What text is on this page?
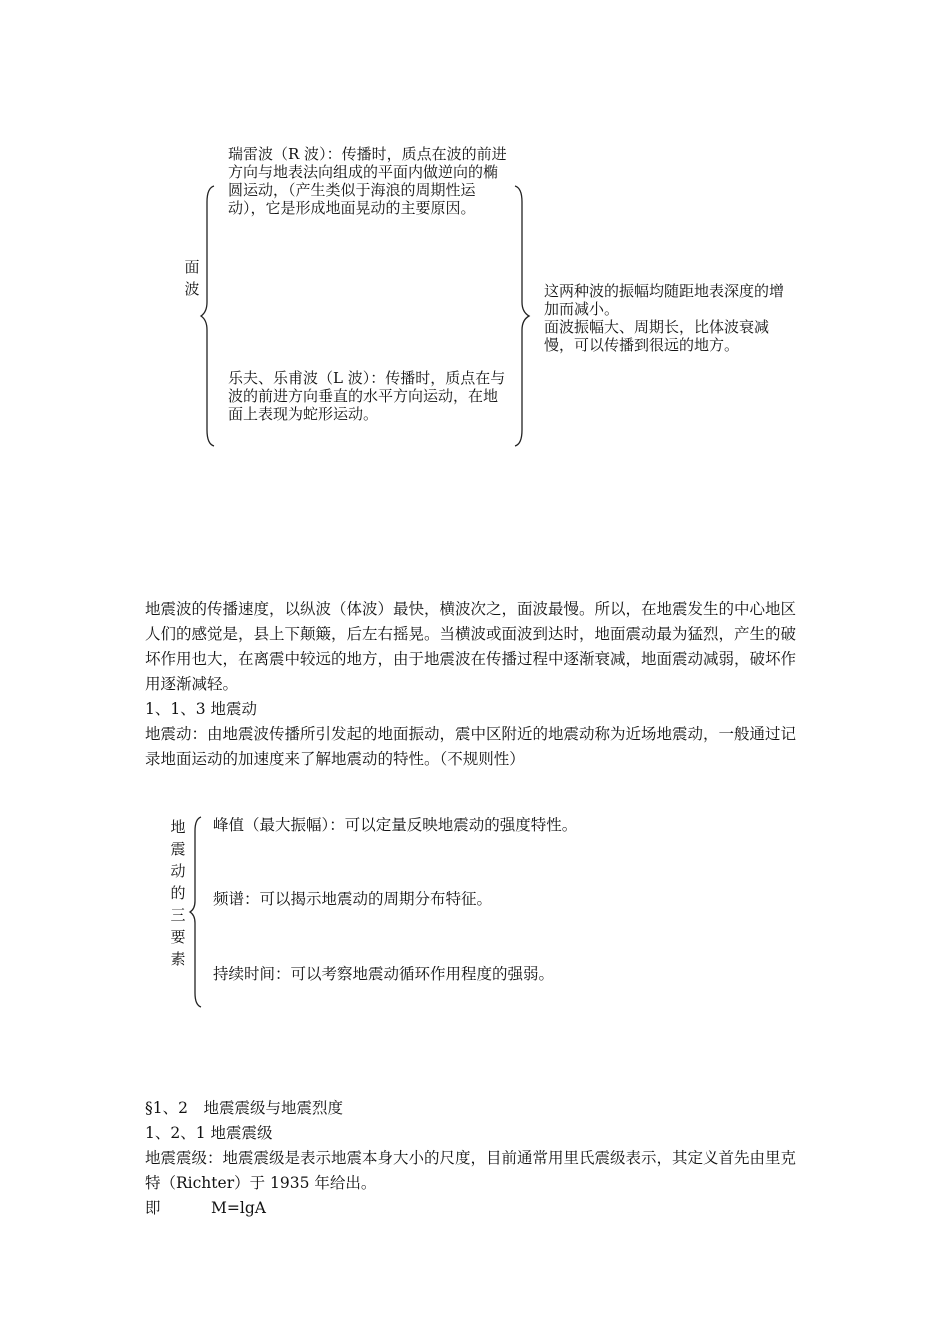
面
波
瑞雷波（R 波）：传播时，质点在波的前进方向与地表法向组成的平面内做逆向的椭圆运动，（产生类似于海浪的周期性运动），它是形成地面晃动的主要原因。
乐夫、乐甫波（L 波）：传播时，质点在与波的前进方向垂直的水平方向运动，在地面上表现为蛇形运动。
这两种波的振幅均随距地表深度的增加而减小。
面波振幅大、周期长，比体波衰减慢，可以传播到很远的地方。
地震波的传播速度，以纵波（体波）最快，横波次之，面波最慢。所以，在地震发生的中心地区人们的感觉是，县上下颠簸，后左右摇晃。当横波或面波到达时，地面震动最为猛烈，产生的破坏作用也大，在离震中较远的地方，由于地震波在传播过程中逐渐衰减，地面震动减弱，破坏作用逐渐减轻。
1、1、3 地震动
地震动：由地震波传播所引发起的地面振动，震中区附近的地震动称为近场地震动，一般通过记录地面运动的加速度来了解地震动的特性。（不规则性）
地
震
动
的
三
要
素
峰值（最大振幅）：可以定量反映地震动的强度特性。
频谱：可以揭示地震动的周期分布特征。
持续时间：可以考察地震动循环作用程度的强弱。
§1、2　地震震级与地震烈度
1、2、1 地震震级
地震震级：地震震级是表示地震本身大小的尺度，目前通常用里氏震级表示，其定义首先由里克特（Richter）于 1935 年给出。
即	M=lgA
